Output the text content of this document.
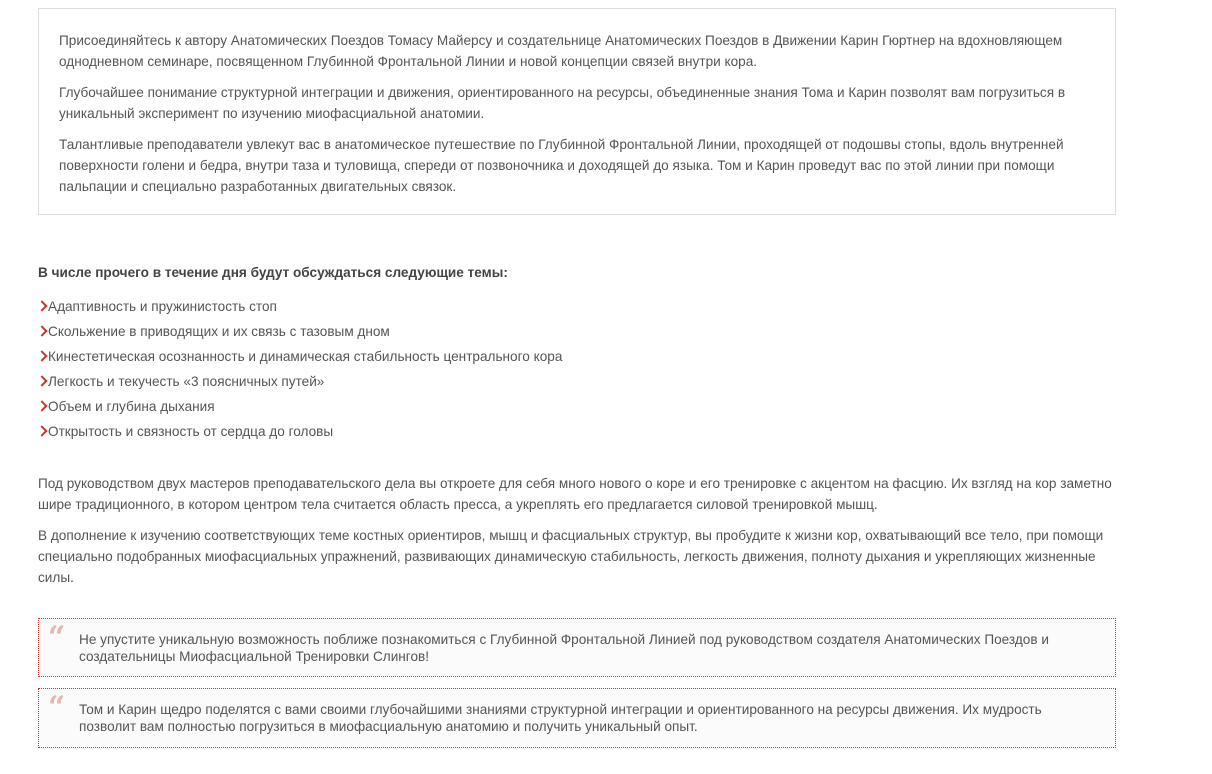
Присоединяйтесь к автору Анатомических Поездов Томасу Майерсу и создательнице Анатомических Поездов в Движении Карин Гюртнер на вдохновляющем однодневном семинаре, посвященном Глубинной Фронтальной Линии и новой концепции связей внутри кора.

Глубочайшее понимание структурной интеграции и движения, ориентированного на ресурсы, объединенные знания Тома и Карин позволят вам погрузиться в уникальный эксперимент по изучению миофасциальной анатомии.

Талантливые преподаватели увлекут вас в анатомическое путешествие по Глубинной Фронтальной Линии, проходящей от подошвы стопы, вдоль внутренней поверхности голени и бедра, внутри таза и туловища, спереди от позвоночника и доходящей до языка. Том и Карин проведут вас по этой линии при помощи пальпации и специально разработанных двигательных связок.

В числе прочего в течение дня будут обсуждаться следующие темы:
Адаптивность и пружинистость стоп
Скольжение в приводящих и их связь с тазовым дном
Кинестетическая осознанность и динамическая стабильность центрального кора
Легкость и текучесть «3 поясничных путей»
Объем и глубина дыхания
Открытость и связность от сердца до головы

Под руководством двух мастеров преподавательского дела вы откроете для себя много нового о коре и его тренировке с акцентом на фасцию. Их взгляд на кор заметно шире традиционного, в котором центром тела считается область пресса, а укреплять его предлагается силовой тренировкой мышц.

В дополнение к изучению соответствующих теме костных ориентиров, мышц и фасциальных структур, вы пробудите к жизни кор, охватывающий все тело, при помощи специально подобранных миофасциальных упражнений, развивающих динамическую стабильность, легкость движения, полноту дыхания и укрепляющих жизненные силы.

“ Не упустите уникальную возможность поближе познакомиться с Глубинной Фронтальной Линией под руководством создателя Анатомических Поездов и создательницы Миофасциальной Тренировки Слингов!
“ Том и Карин щедро поделятся с вами своими глубочайшими знаниями структурной интеграции и ориентированного на ресурсы движения. Их мудрость позволит вам полностью погрузиться в миофасциальную анатомию и получить уникальный опыт.
